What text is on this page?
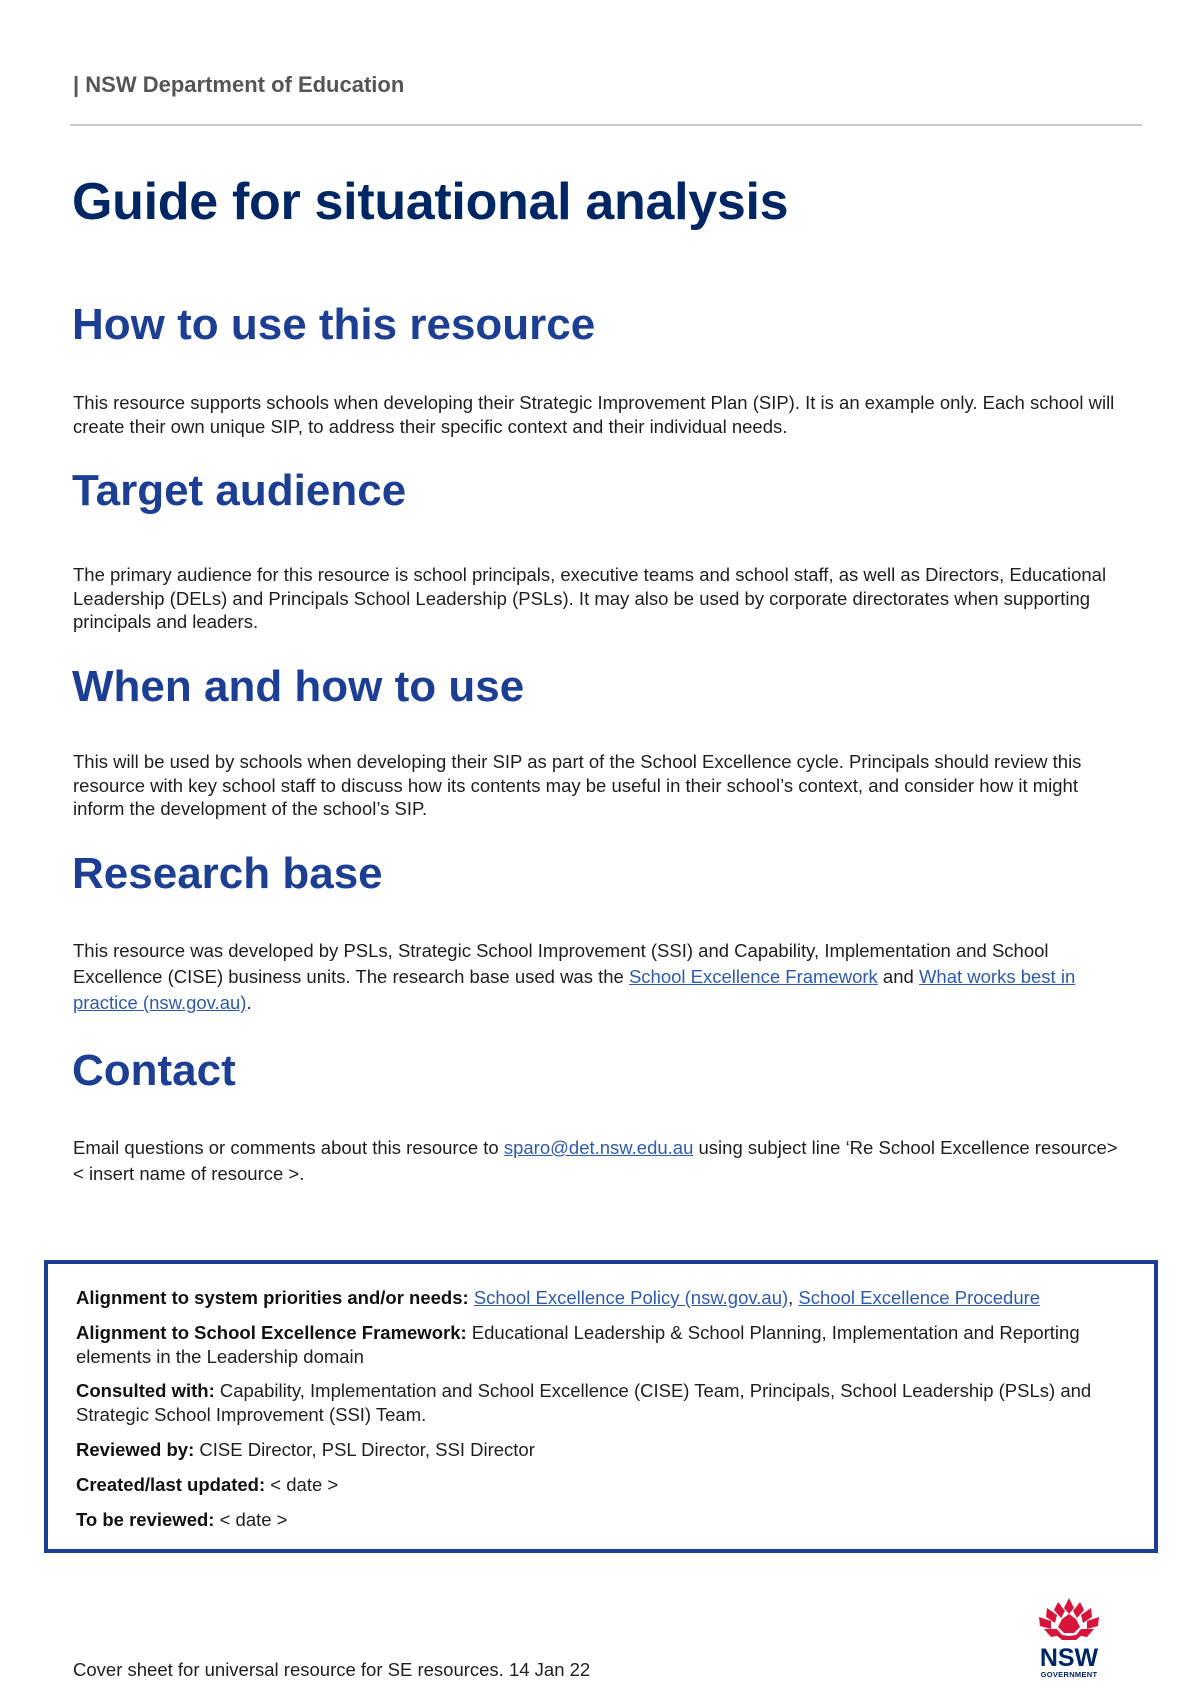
| NSW Department of Education
Guide for situational analysis
How to use this resource

This resource supports schools when developing their Strategic Improvement Plan (SIP). It is an example only. Each school will create their own unique SIP, to address their specific context and their individual needs.

Target audience

The primary audience for this resource is school principals, executive teams and school staff, as well as Directors, Educational Leadership (DELs) and Principals School Leadership (PSLs). It may also be used by corporate directorates when supporting principals and leaders.

When and how to use

This will be used by schools when developing their SIP as part of the School Excellence cycle. Principals should review this resource with key school staff to discuss how its contents may be useful in their school’s context, and consider how it might inform the development of the school’s SIP.

Research base

This resource was developed by PSLs, Strategic School Improvement (SSI) and Capability, Implementation and School Excellence (CISE) business units. The research base used was the School Excellence Framework and What works best in practice (nsw.gov.au).

Contact

Email questions or comments about this resource to sparo@det.nsw.edu.au using subject line ‘Re School Excellence resource> < insert name of resource >.

Alignment to system priorities and/or needs: School Excellence Policy (nsw.gov.au), School Excellence Procedure

Alignment to School Excellence Framework: Educational Leadership & School Planning, Implementation and Reporting elements in the Leadership domain

Consulted with: Capability, Implementation and School Excellence (CISE) Team, Principals, School Leadership (PSLs) and Strategic School Improvement (SSI) Team.

Reviewed by: CISE Director, PSL Director, SSI Director

Created/last updated: < date >

To be reviewed: < date >

Cover sheet for universal resource for SE resources. 14 Jan 22	NSW
GOVERNMENT
